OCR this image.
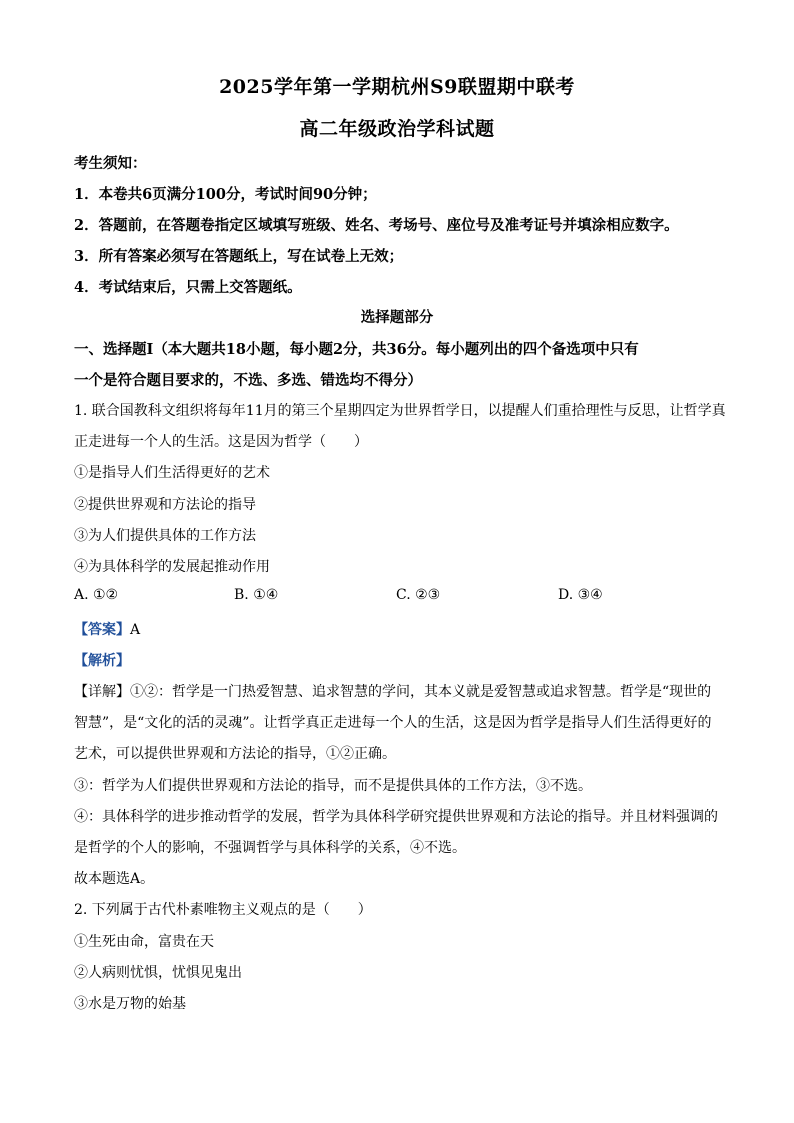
2025学年第一学期杭州S9联盟期中联考
高二年级政治学科试题
考生须知：
1．本卷共6页满分100分，考试时间90分钟；
2．答题前，在答题卷指定区域填写班级、姓名、考场号、座位号及准考证号并填涂相应数字。
3．所有答案必须写在答题纸上，写在试卷上无效；
4．考试结束后，只需上交答题纸。
选择题部分
一、选择题Ⅰ（本大题共18小题，每小题2分，共36分。每小题列出的四个备选项中只有
一个是符合题目要求的，不选、多选、错选均不得分）
1. 联合国教科文组织将每年11月的第三个星期四定为世界哲学日，以提醒人们重拾理性与反思，让哲学真
正走进每一个人的生活。这是因为哲学（　　）
①是指导人们生活得更好的艺术
②提供世界观和方法论的指导
③为人们提供具体的工作方法
④为具体科学的发展起推动作用
A. ①②	B. ①④	C. ②③	D. ③④
【答案】A
【解析】
【详解】①②：哲学是一门热爱智慧、追求智慧的学问，其本义就是爱智慧或追求智慧。哲学是“现世的
智慧”，是“文化的活的灵魂”。让哲学真正走进每一个人的生活，这是因为哲学是指导人们生活得更好的
艺术，可以提供世界观和方法论的指导，①②正确。
③：哲学为人们提供世界观和方法论的指导，而不是提供具体的工作方法，③不选。
④：具体科学的进步推动哲学的发展，哲学为具体科学研究提供世界观和方法论的指导。并且材料强调的
是哲学的个人的影响，不强调哲学与具体科学的关系，④不选。
故本题选A。
2. 下列属于古代朴素唯物主义观点的是（　　）
①生死由命，富贵在天
②人病则忧惧，忧惧见鬼出
③水是万物的始基
